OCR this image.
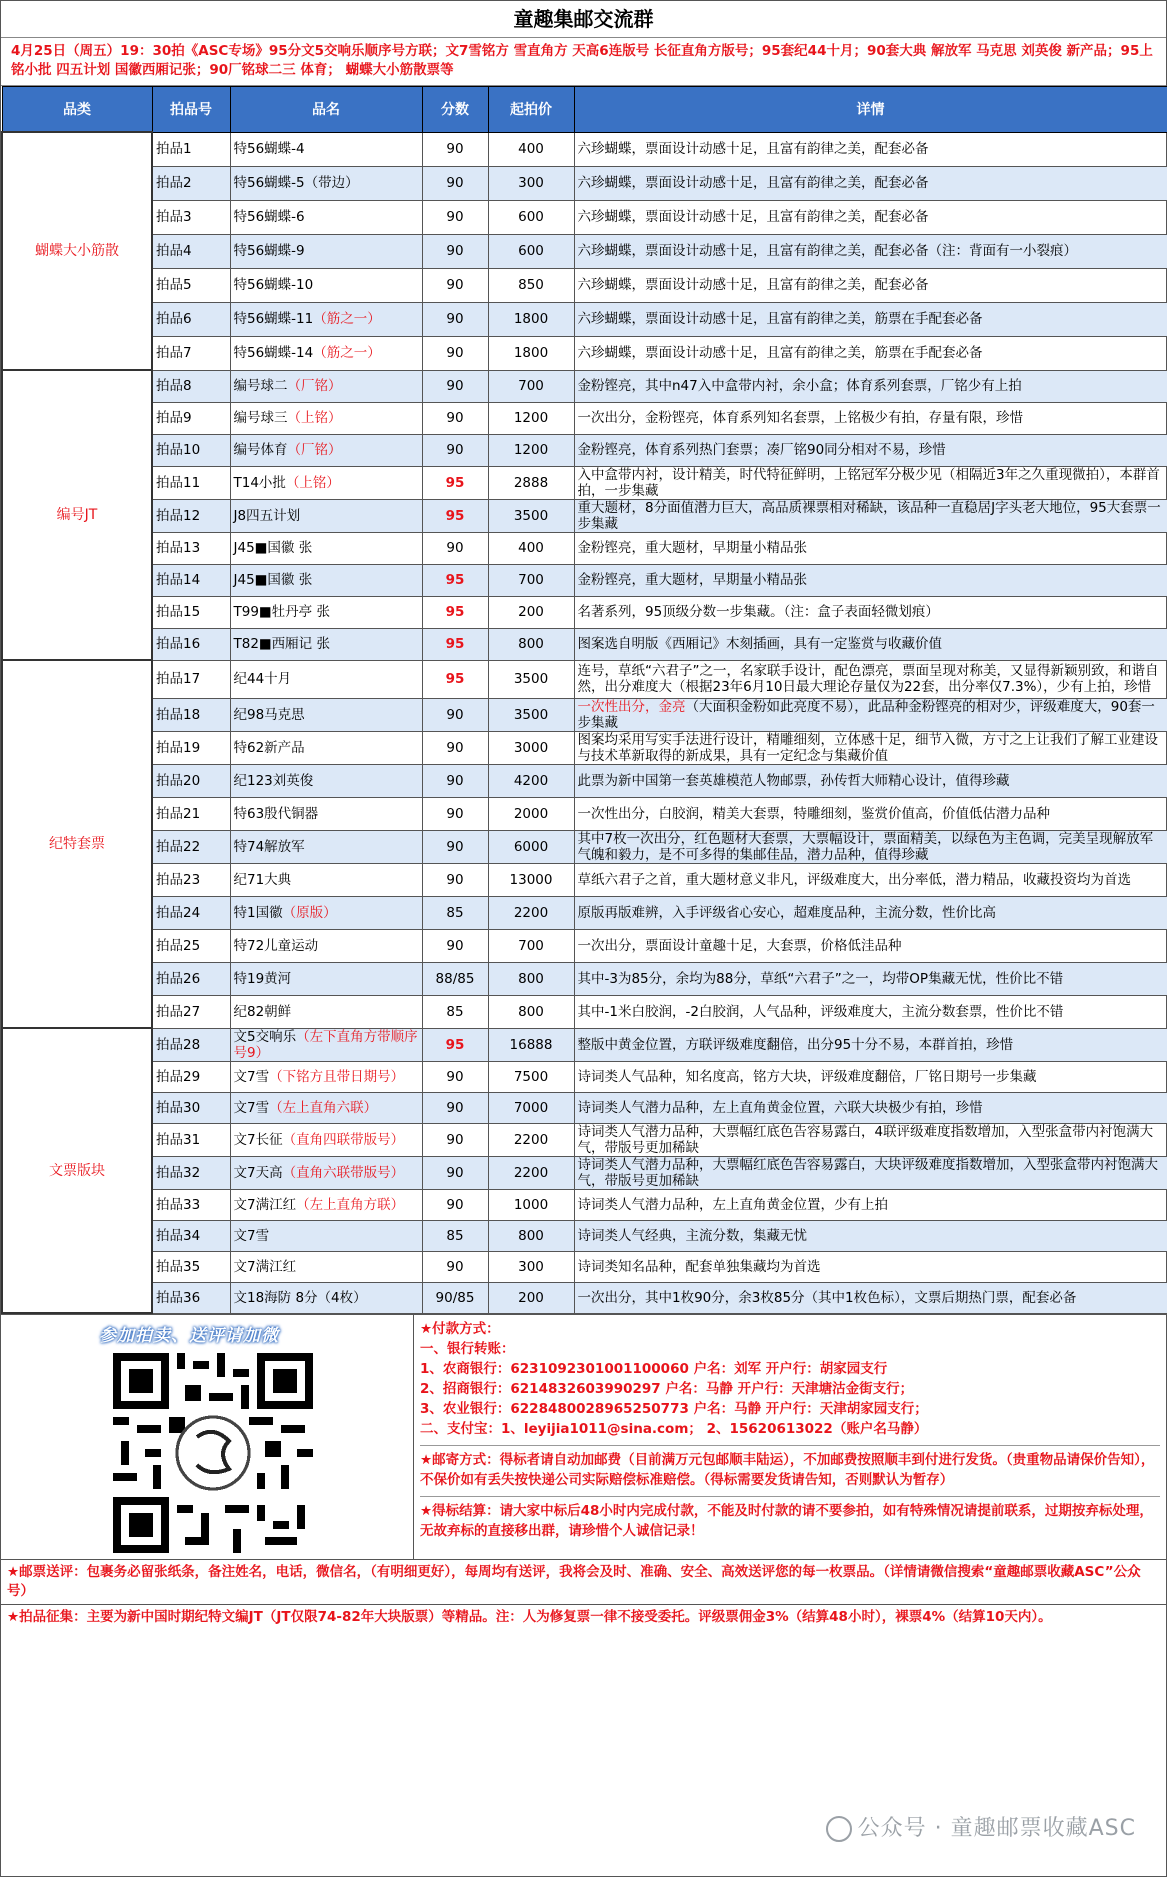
童趣集邮交流群
4月25日（周五）19：30拍《ASC专场》95分文5交响乐顺序号方联；文7雪铭方 雪直角方 天高6连版号 长征直角方版号；95套纪44十月；90套大典 解放军 马克思 刘英俊 新产品；95上铭小批 四五计划 国徽西厢记张；90厂铭球二三 体育； 蝴蝶大小筋散票等
品类	拍品号	品名	分数	起拍价	详情
蝴蝶大小筋散	拍品1	特56蝴蝶-4	90	400	六珍蝴蝶，票面设计动感十足，且富有韵律之美，配套必备
	拍品2	特56蝴蝶-5（带边）	90	300	六珍蝴蝶，票面设计动感十足，且富有韵律之美，配套必备
	拍品3	特56蝴蝶-6	90	600	六珍蝴蝶，票面设计动感十足，且富有韵律之美，配套必备
	拍品4	特56蝴蝶-9	90	600	六珍蝴蝶，票面设计动感十足，且富有韵律之美，配套必备（注：背面有一小裂痕）
	拍品5	特56蝴蝶-10	90	850	六珍蝴蝶，票面设计动感十足，且富有韵律之美，配套必备
	拍品6	特56蝴蝶-11（筋之一）	90	1800	六珍蝴蝶，票面设计动感十足，且富有韵律之美，筋票在手配套必备
	拍品7	特56蝴蝶-14（筋之一）	90	1800	六珍蝴蝶，票面设计动感十足，且富有韵律之美，筋票在手配套必备
编号JT	拍品8	编号球二（厂铭）	90	700	金粉铿亮，其中n47入中盒带内衬，余小盒；体育系列套票，厂铭少有上拍
	拍品9	编号球三（上铭）	90	1200	一次出分，金粉铿亮，体育系列知名套票，上铭极少有拍，存量有限，珍惜
	拍品10	编号体育（厂铭）	90	1200	金粉铿亮，体育系列热门套票；凑厂铭90同分相对不易，珍惜
	拍品11	T14小批（上铭）	95	2888	入中盒带内衬，设计精美，时代特征鲜明，上铭冠军分极少见（相隔近3年之久重现微拍），本群首拍，一步集藏
	拍品12	J8四五计划	95	3500	重大题材，8分面值潜力巨大，高品质裸票相对稀缺，该品种一直稳居J字头老大地位，95大套票一步集藏
	拍品13	J45■国徽 张	90	400	金粉铿亮，重大题材，早期量小精品张
	拍品14	J45■国徽 张	95	700	金粉铿亮，重大题材，早期量小精品张
	拍品15	T99■牡丹亭 张	95	200	名著系列，95顶级分数一步集藏。（注：盒子表面轻微划痕）
	拍品16	T82■西厢记 张	95	800	图案选自明版《西厢记》木刻插画，具有一定鉴赏与收藏价值
纪特套票	拍品17	纪44十月	95	3500	连号，草纸“六君子”之一，名家联手设计，配色漂亮，票面呈现对称美，又显得新颖别致，和谐自然，出分难度大（根据23年6月10日最大理论存量仅为22套，出分率仅7.3%），少有上拍，珍惜
	拍品18	纪98马克思	90	3500	一次性出分，金亮（大面积金粉如此亮度不易），此品种金粉铿亮的相对少，评级难度大，90套一步集藏
	拍品19	特62新产品	90	3000	图案均采用写实手法进行设计，精雕细刻，立体感十足，细节入微，方寸之上让我们了解工业建设与技术革新取得的新成果，具有一定纪念与集藏价值
	拍品20	纪123刘英俊	90	4200	此票为新中国第一套英雄模范人物邮票，孙传哲大师精心设计，值得珍藏
	拍品21	特63殷代铜器	90	2000	一次性出分，白胶润，精美大套票，特雕细刻，鉴赏价值高，价值低估潜力品种
	拍品22	特74解放军	90	6000	其中7枚一次出分，红色题材大套票，大票幅设计，票面精美，以绿色为主色调，完美呈现解放军气魄和毅力，是不可多得的集邮佳品，潜力品种，值得珍藏
	拍品23	纪71大典	90	13000	草纸六君子之首，重大题材意义非凡，评级难度大，出分率低，潜力精品，收藏投资均为首选
	拍品24	特1国徽（原版）	85	2200	原版再版难辨，入手评级省心安心，超难度品种，主流分数，性价比高
	拍品25	特72儿童运动	90	700	一次出分，票面设计童趣十足，大套票，价格低洼品种
	拍品26	特19黄河	88/85	800	其中-3为85分，余均为88分，草纸“六君子”之一，均带OP集藏无忧，性价比不错
	拍品27	纪82朝鲜	85	800	其中-1米白胶润，-2白胶润，人气品种，评级难度大，主流分数套票，性价比不错
文票版块	拍品28	文5交响乐（左下直角方带顺序号9）	95	16888	整版中黄金位置，方联评级难度翻倍，出分95十分不易，本群首拍，珍惜
	拍品29	文7雪（下铭方且带日期号）	90	7500	诗词类人气品种，知名度高，铭方大块，评级难度翻倍，厂铭日期号一步集藏
	拍品30	文7雪（左上直角六联）	90	7000	诗词类人气潜力品种，左上直角黄金位置，六联大块极少有拍，珍惜
	拍品31	文7长征（直角四联带版号）	90	2200	诗词类人气潜力品种，大票幅红底色告容易露白，4联评级难度指数增加，入型张盒带内衬饱满大气，带版号更加稀缺
	拍品32	文7天高（直角六联带版号）	90	2200	诗词类人气潜力品种，大票幅红底色告容易露白，大块评级难度指数增加，入型张盒带内衬饱满大气，带版号更加稀缺
	拍品33	文7满江红（左上直角方联）	90	1000	诗词类人气潜力品种，左上直角黄金位置，少有上拍
	拍品34	文7雪	85	800	诗词类人气经典，主流分数，集藏无忧
	拍品35	文7满江红	90	300	诗词类知名品种，配套单独集藏均为首选
	拍品36	文18海防 8分（4枚）	90/85	200	一次出分，其中1枚90分，余3枚85分（其中1枚色标），文票后期热门票，配套必备
参加拍卖、送评请加微	★付款方式：
一、银行转账：
1、农商银行：6231092301001100060 户名：刘军 开户行：胡家园支行
2、招商银行：6214832603990297 户名：马静 开户行：天津塘沽金街支行；
3、农业银行：6228480028965250773 户名：马静 开户行：天津胡家园支行；
二、支付宝：1、leyijia1011@sina.com； 2、15620613022（账户名马静）
★邮寄方式：得标者请自动加邮费（目前满万元包邮顺丰陆运），不加邮费按照顺丰到付进行发货。（贵重物品请保价告知），不保价如有丢失按快递公司实际赔偿标准赔偿。（得标需要发货请告知，否则默认为暂存）
★得标结算：请大家中标后48小时内完成付款，不能及时付款的请不要参拍，如有特殊情况请提前联系，过期按弃标处理，无故弃标的直接移出群，请珍惜个人诚信记录！
★邮票送评：包裹务必留张纸条，备注姓名，电话，微信名，（有明细更好），每周均有送评，我将会及时、准确、安全、高效送评您的每一枚票品。（详情请微信搜索“童趣邮票收藏ASC”公众号）
★拍品征集：主要为新中国时期纪特文编JT（JT仅限74-82年大块版票）等精品。注：人为修复票一律不接受委托。评级票佣金3%（结算48小时），裸票4%（结算10天内）。
公众号 · 童趣邮票收藏ASC
